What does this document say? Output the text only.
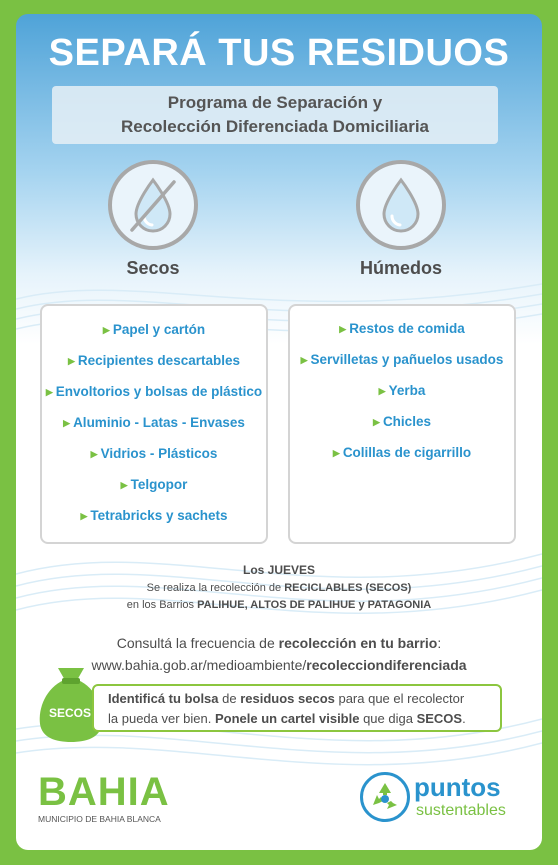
SEPARÁ TUS RESIDUOS
Programa de Separación y
Recolección Diferenciada Domiciliaria
Secos	Húmedos
▶ Papel y cartón
▶ Recipientes descartables
▶ Envoltorios y bolsas de plástico
▶ Aluminio - Latas - Envases
▶ Vidrios - Plásticos
▶ Telgopor
▶ Tetrabricks y sachets
▶ Restos de comida
▶ Servilletas y pañuelos usados
▶ Yerba
▶ Chicles
▶ Colillas de cigarrillo
Los JUEVES
Se realiza la recolección de RECICLABLES (SECOS)
en los Barrios PALIHUE, ALTOS DE PALIHUE y PATAGONIA
Consultá la frecuencia de recolección en tu barrio:
www.bahia.gob.ar/medioambiente/recolecciondiferenciada
SECOS
Identificá tu bolsa de residuos secos para que el recolector
la pueda ver bien. Ponele un cartel visible que diga SECOS.
BAHIA
MUNICIPIO DE BAHIA BLANCA
puntos
sustentables
